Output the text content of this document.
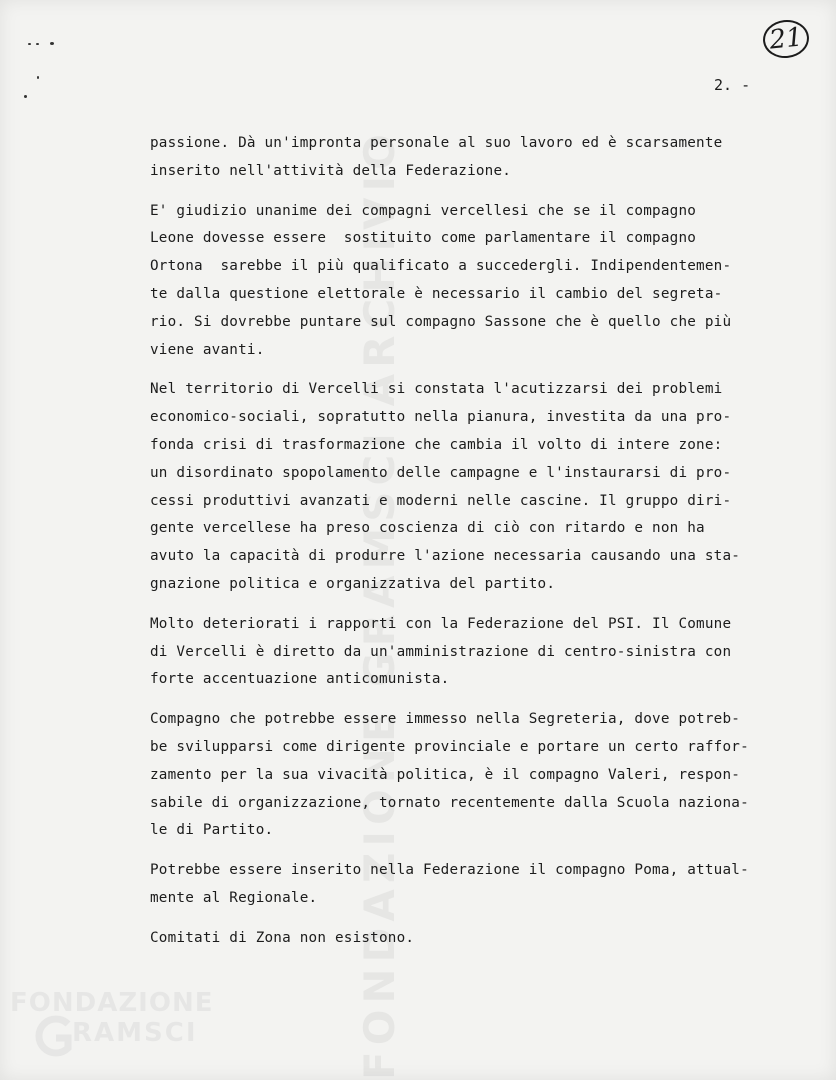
FONDAZIONE GRAMSCI ARCHIVIO
21
2. -

passione. Dà un'impronta personale al suo lavoro ed è scarsamente
inserito nell'attività della Federazione.

E' giudizio unanime dei compagni vercellesi che se il compagno
Leone dovesse essere  sostituito come parlamentare il compagno
Ortona  sarebbe il più qualificato a succedergli. Indipendentemen-
te dalla questione elettorale è necessario il cambio del segreta-
rio. Si dovrebbe puntare sul compagno Sassone che è quello che più
viene avanti.

Nel territorio di Vercelli si constata l'acutizzarsi dei problemi
economico-sociali, sopratutto nella pianura, investita da una pro-
fonda crisi di trasformazione che cambia il volto di intere zone:
un disordinato spopolamento delle campagne e l'instaurarsi di pro-
cessi produttivi avanzati e moderni nelle cascine. Il gruppo diri-
gente vercellese ha preso coscienza di ciò con ritardo e non ha
avuto la capacità di produrre l'azione necessaria causando una sta-
gnazione politica e organizzativa del partito.

Molto deteriorati i rapporti con la Federazione del PSI. Il Comune
di Vercelli è diretto da un'amministrazione di centro-sinistra con
forte accentuazione anticomunista.

Compagno che potrebbe essere immesso nella Segreteria, dove potreb-
be svilupparsi come dirigente provinciale e portare un certo raffor-
zamento per la sua vivacità politica, è il compagno Valeri, respon-
sabile di organizzazione, tornato recentemente dalla Scuola naziona-
le di Partito.

Potrebbe essere inserito nella Federazione il compagno Poma, attual-
mente al Regionale.

Comitati di Zona non esistono.

FONDAZIONE
RAMSCI
